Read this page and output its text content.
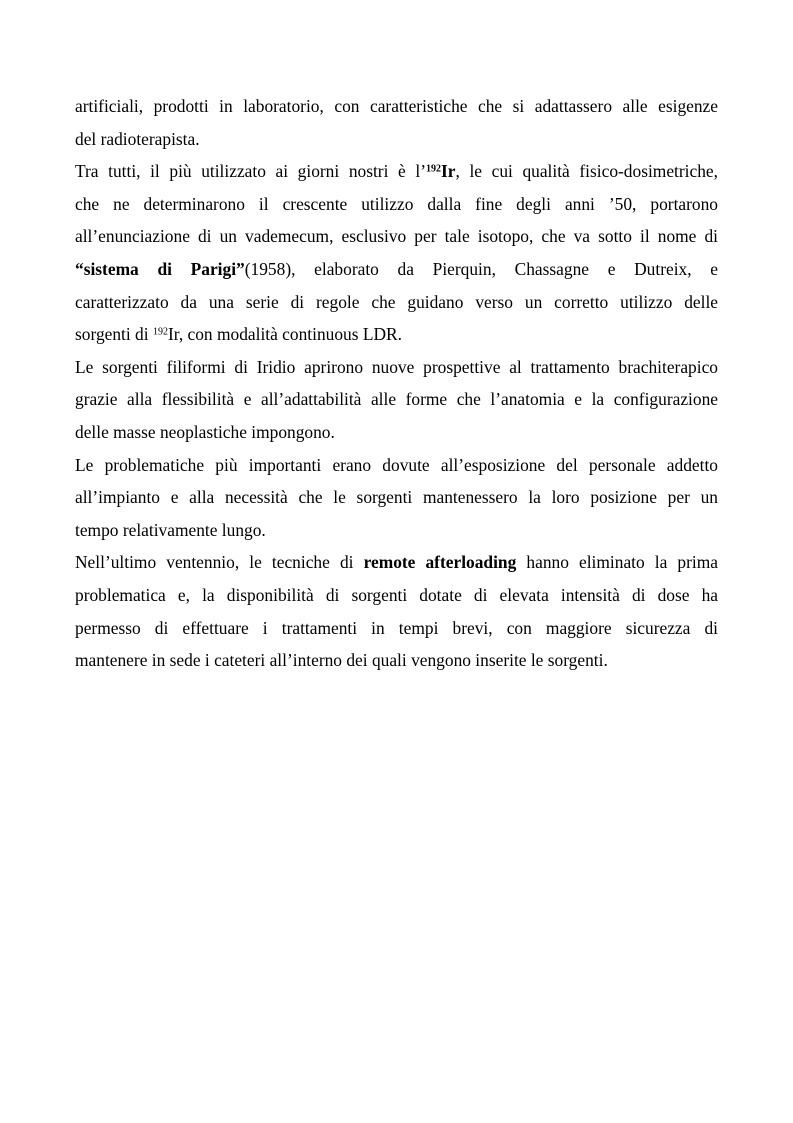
artificiali, prodotti in laboratorio, con caratteristiche che si adattassero alle esigenze
del radioterapista.
Tra tutti, il più utilizzato ai giorni nostri è l’$^{192}$Ir, le cui qualità fisico-dosimetriche,
che ne determinarono il crescente utilizzo dalla fine degli anni ’50, portarono
all’enunciazione di un vademecum, esclusivo per tale isotopo, che va sotto il nome di
“sistema di Parigi”(1958), elaborato da Pierquin, Chassagne e Dutreix, e
caratterizzato da una serie di regole che guidano verso un corretto utilizzo delle
sorgenti di $^{192}$Ir, con modalità continuous LDR.
Le sorgenti filiformi di Iridio aprirono nuove prospettive al trattamento brachiterapico
grazie alla flessibilità e all’adattabilità alle forme che l’anatomia e la configurazione
delle masse neoplastiche impongono.
Le problematiche più importanti erano dovute all’esposizione del personale addetto
all’impianto e alla necessità che le sorgenti mantenessero la loro posizione per un
tempo relativamente lungo.
Nell’ultimo ventennio, le tecniche di remote afterloading hanno eliminato la prima
problematica e, la disponibilità di sorgenti dotate di elevata intensità di dose ha
permesso di effettuare i trattamenti in tempi brevi, con maggiore sicurezza di
mantenere in sede i cateteri all’interno dei quali vengono inserite le sorgenti.
